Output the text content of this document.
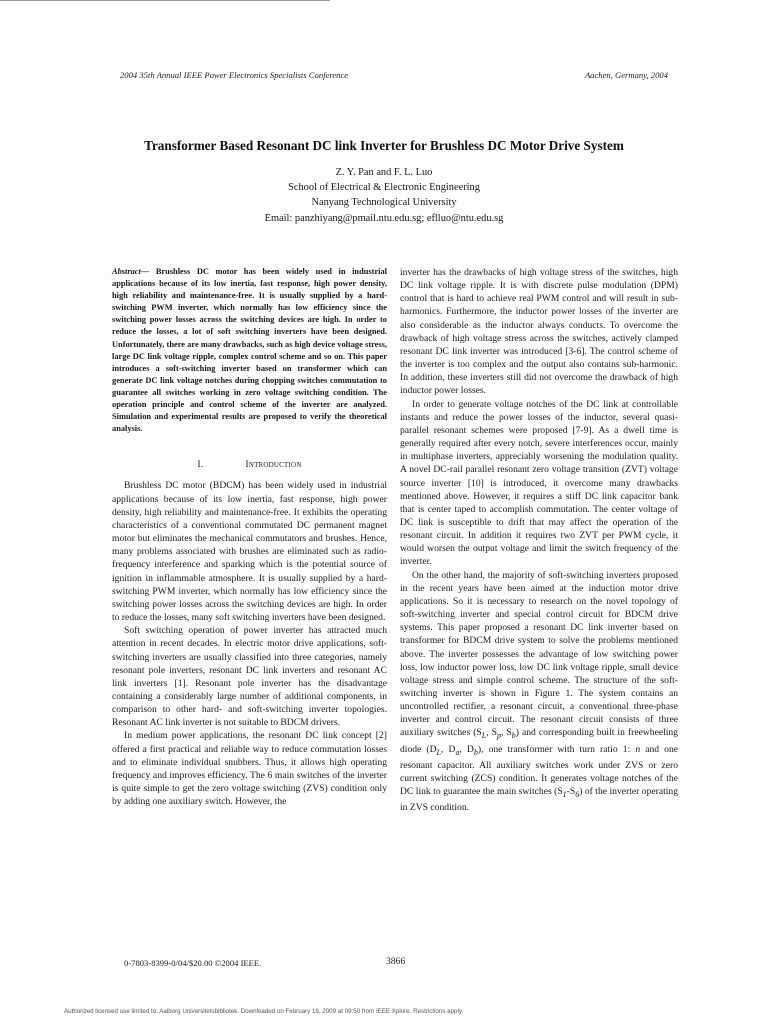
2004 35th Annual IEEE Power Electronics Specialists Conference	Aachen, Germany, 2004
Transformer Based Resonant DC link Inverter for Brushless DC Motor Drive System
Z. Y. Pan and F. L. Luo
School of Electrical & Electronic Engineering
Nanyang Technological University
Email: panzhiyang@pmail.ntu.edu.sg; eflluo@ntu.edu.sg
Abstract— Brushless DC motor has been widely used in industrial applications because of its low inertia, fast response, high power density, high reliability and maintenance-free. It is usually supplied by a hard-switching PWM inverter, which normally has low efficiency since the switching power losses across the switching devices are high. In order to reduce the losses, a lot of soft switching inverters have been designed. Unfortunately, there are many drawbacks, such as high device voltage stress, large DC link voltage ripple, complex control scheme and so on. This paper introduces a soft-switching inverter based on transformer which can generate DC link voltage notches during chopping switches commutation to guarantee all switches working in zero voltage switching condition. The operation principle and control scheme of the inverter are analyzed. Simulation and experimental results are proposed to verify the theoretical analysis.
I.	Introduction

Brushless DC motor (BDCM) has been widely used in industrial applications because of its low inertia, fast response, high power density, high reliability and maintenance-free. It exhibits the operating characteristics of a conventional commutated DC permanent magnet motor but eliminates the mechanical commutators and brushes. Hence, many problems associated with brushes are eliminated such as radio-frequency interference and sparking which is the potential source of ignition in inflammable atmosphere. It is usually supplied by a hard-switching PWM inverter, which normally has low efficiency since the switching power losses across the switching devices are high. In order to reduce the losses, many soft switching inverters have been designed.

Soft switching operation of power inverter has attracted much attention in recent decades. In electric motor drive applications, soft-switching inverters are usually classified into three categories, namely resonant pole inverters, resonant DC link inverters and resonant AC link inverters [1]. Resonant pole inverter has the disadvantage containing a considerably large number of additional components, in comparison to other hard- and soft-switching inverter topologies. Resonant AC link inverter is not suitable to BDCM drivers.

In medium power applications, the resonant DC link concept [2] offered a first practical and reliable way to reduce commutation losses and to eliminate individual snubbers. Thus, it allows high operating frequency and improves efficiency. The 6 main switches of the inverter is quite simple to get the zero voltage switching (ZVS) condition only by adding one auxiliary switch. However, the

inverter has the drawbacks of high voltage stress of the switches, high DC link voltage ripple. It is with discrete pulse modulation (DPM) control that is hard to achieve real PWM control and will result in sub-harmonics. Furthermore, the inductor power losses of the inverter are also considerable as the inductor always conducts. To overcome the drawback of high voltage stress across the switches, actively clamped resonant DC link inverter was introduced [3-6]. The control scheme of the inverter is too complex and the output also contains sub-harmonic. In addition, these inverters still did not overcome the drawback of high inductor power losses.

In order to generate voltage notches of the DC link at controllable instants and reduce the power losses of the inductor, several quasi-parallel resonant schemes were proposed [7-9]. As a dwell time is generally required after every notch, severe interferences occur, mainly in multiphase inverters, appreciably worsening the modulation quality. A novel DC-rail parallel resonant zero voltage transition (ZVT) voltage source inverter [10] is introduced, it overcome many drawbacks mentioned above. However, it requires a stiff DC link capacitor bank that is center taped to accomplish commutation. The center voltage of DC link is susceptible to drift that may affect the operation of the resonant circuit. In addition it requires two ZVT per PWM cycle, it would worsen the output voltage and limit the switch frequency of the inverter.

On the other hand, the majority of soft-switching inverters proposed in the recent years have been aimed at the induction motor drive applications. So it is necessary to research on the novel topology of soft-switching inverter and special control circuit for BDCM drive systems. This paper proposed a resonant DC link inverter based on transformer for BDCM drive system to solve the problems mentioned above. The inverter possesses the advantage of low switching power loss, low inductor power loss, low DC link voltage ripple, small device voltage stress and simple control scheme. The structure of the soft-switching inverter is shown in Figure 1. The system contains an uncontrolled rectifier, a resonant circuit, a conventional three-phase inverter and control circuit. The resonant circuit consists of three auxiliary switches ($S_L$, $S_p$, $S_b$) and corresponding built in freewheeling diode ($D_L$, $D_a$, $D_b$), one transformer with turn ratio 1: n and one resonant capacitor. All auxiliary switches work under ZVS or zero current switching (ZCS) condition. It generates voltage notches of the DC link to guarantee the main switches $(S_1-S_6)$ of the inverter operating in ZVS condition.

0-7803-8399-0/04/$20.00 ©2004 IEEE.	3866
Authorized licensed use limited to: Aalborg Universitetsbibliotek. Downloaded on February 19, 2009 at 09:50 from IEEE Xplore. Restrictions apply.
